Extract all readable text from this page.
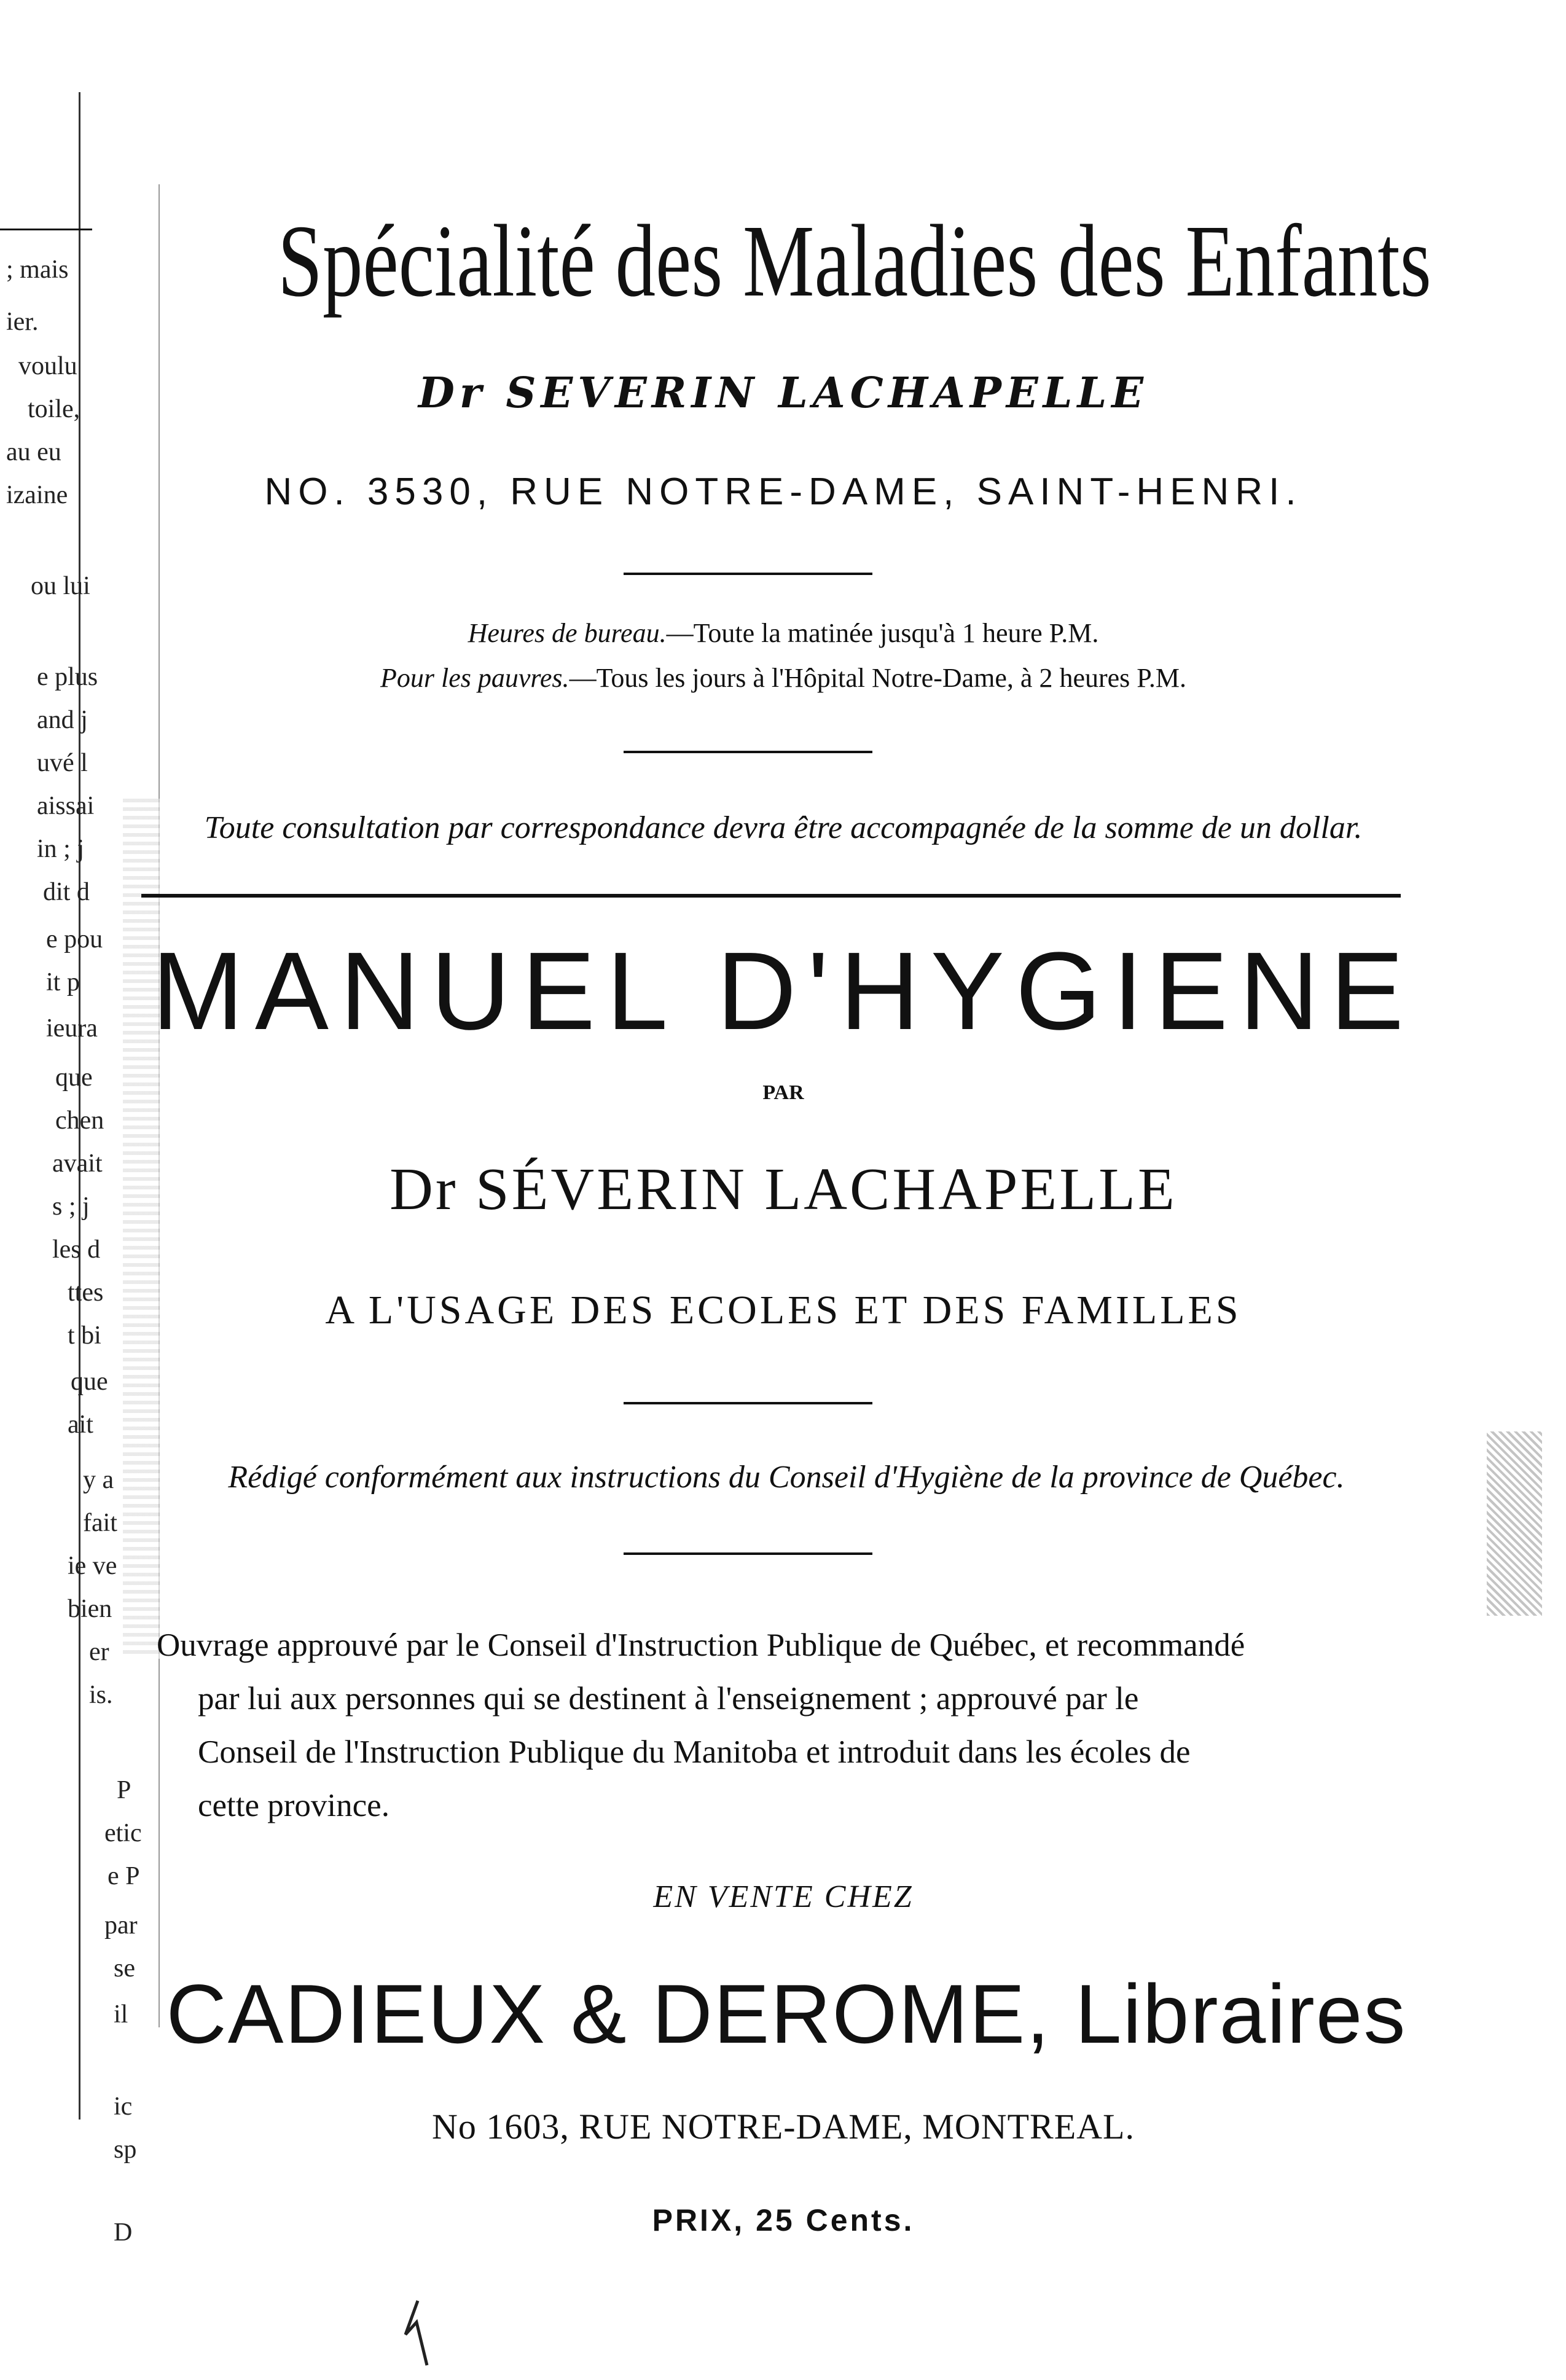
; mais
ier.
voulu
toile,
au eu
izaine
ou lui
e plus
and j
uvé l
aissai
in ; j
dit d
e pou
it p
ieura
que
chen
avait
s ; j
les d
ttes
t bi
que
ait
y a
fait
ie ve
bien
er
is.
P
etic
e P
par
se
il
ic
sp
D
Spécialité des Maladies des Enfants
Dr SEVERIN LACHAPELLE
NO. 3530, RUE NOTRE-DAME, SAINT-HENRI.
Heures de bureau.—Toute la matinée jusqu'à 1 heure P.M.
Pour les pauvres.—Tous les jours à l'Hôpital Notre-Dame, à 2 heures P.M.
Toute consultation par correspondance devra être accompagnée de la somme de un dollar.
MANUEL D'HYGIENE
PAR
Dr SÉVERIN LACHAPELLE
A L'USAGE DES ECOLES ET DES FAMILLES
Rédigé conformément aux instructions du Conseil d'Hygiène de la province de Québec.
Ouvrage approuvé par le Conseil d'Instruction Publique de Québec, et recommandé
par lui aux personnes qui se destinent à l'enseignement ; approuvé par le
Conseil de l'Instruction Publique du Manitoba et introduit dans les écoles de
cette province.
EN VENTE CHEZ
CADIEUX & DEROME, Libraires
No 1603, RUE NOTRE-DAME, MONTREAL.
PRIX, 25 Cents.
